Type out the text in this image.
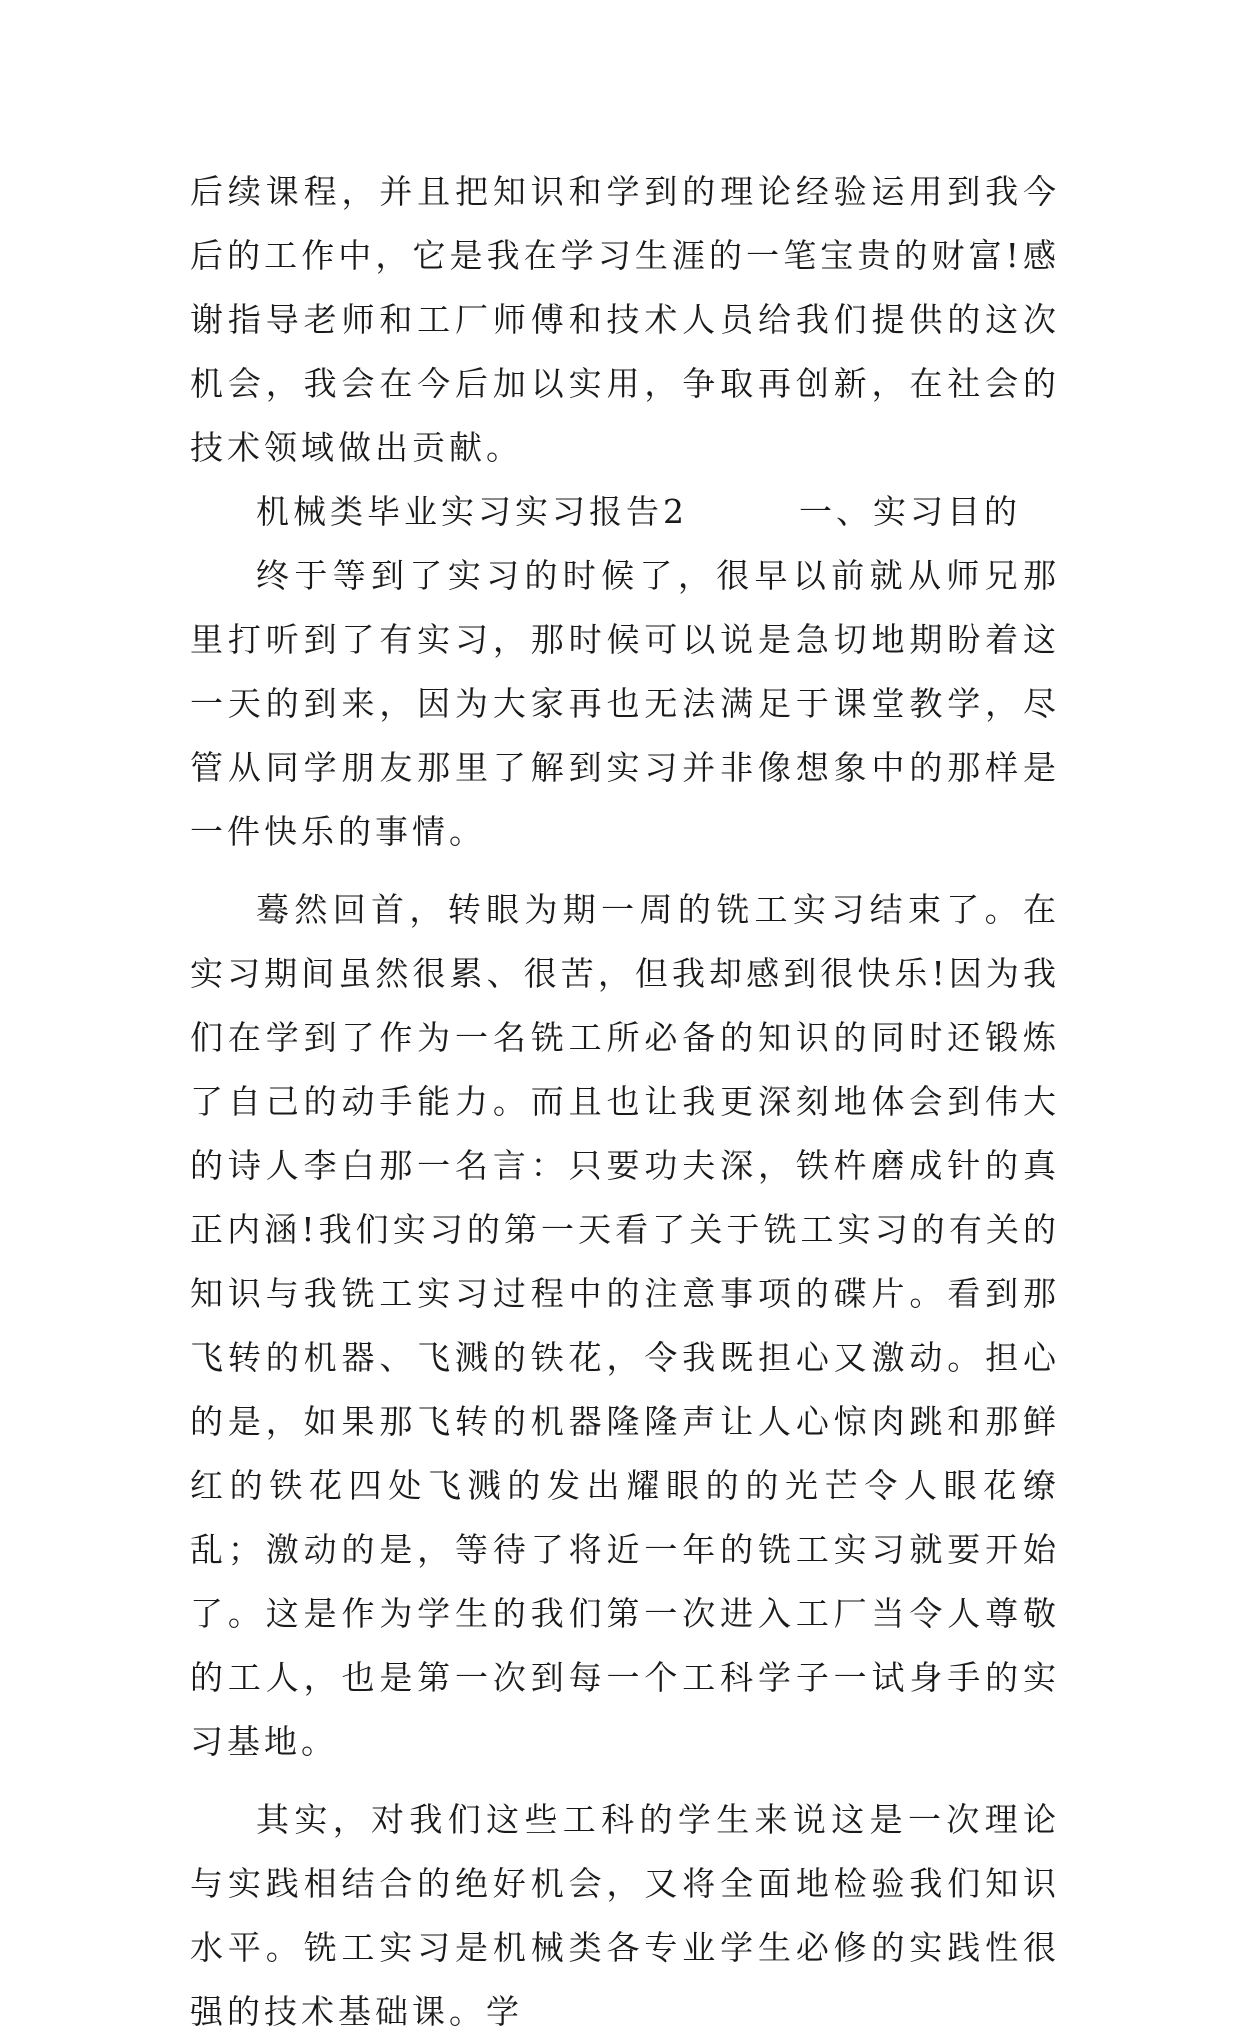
后续课程，并且把知识和学到的理论经验运用到我今后的工作中，它是我在学习生涯的一笔宝贵的财富!感谢指导老师和工厂师傅和技术人员给我们提供的这次机会，我会在今后加以实用，争取再创新，在社会的技术领域做出贡献。

机械类毕业实习实习报告2　　　一、实习目的

终于等到了实习的时候了，很早以前就从师兄那里打听到了有实习，那时候可以说是急切地期盼着这一天的到来，因为大家再也无法满足于课堂教学，尽管从同学朋友那里了解到实习并非像想象中的那样是一件快乐的事情。

蓦然回首，转眼为期一周的铣工实习结束了。在实习期间虽然很累、很苦，但我却感到很快乐!因为我们在学到了作为一名铣工所必备的知识的同时还锻炼了自己的动手能力。而且也让我更深刻地体会到伟大的诗人李白那一名言：只要功夫深，铁杵磨成针的真正内涵!我们实习的第一天看了关于铣工实习的有关的知识与我铣工实习过程中的注意事项的碟片。看到那飞转的机器、飞溅的铁花，令我既担心又激动。担心的是，如果那飞转的机器隆隆声让人心惊肉跳和那鲜红的铁花四处飞溅的发出耀眼的的光芒令人眼花缭乱；激动的是，等待了将近一年的铣工实习就要开始了。这是作为学生的我们第一次进入工厂当令人尊敬的工人，也是第一次到每一个工科学子一试身手的实习基地。

其实，对我们这些工科的学生来说这是一次理论与实践相结合的绝好机会，又将全面地检验我们知识水平。铣工实习是机械类各专业学生必修的实践性很强的技术基础课。学
